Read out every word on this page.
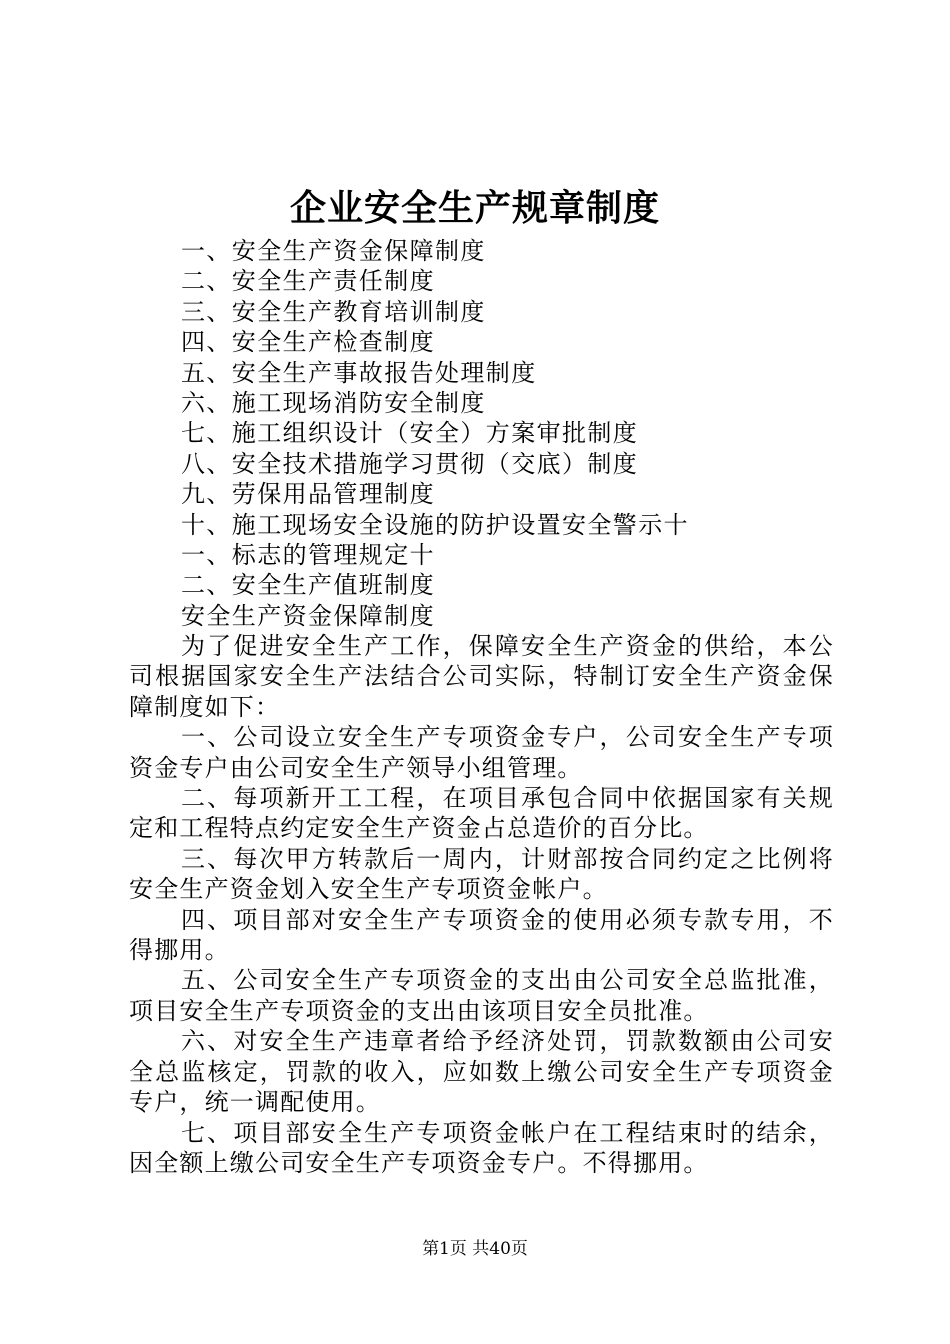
企业安全生产规章制度
一、安全生产资金保障制度
二、安全生产责任制度
三、安全生产教育培训制度
四、安全生产检查制度
五、安全生产事故报告处理制度
六、施工现场消防安全制度
七、施工组织设计（安全）方案审批制度
八、安全技术措施学习贯彻（交底）制度
九、劳保用品管理制度
十、施工现场安全设施的防护设置安全警示十
一、标志的管理规定十
二、安全生产值班制度
安全生产资金保障制度

为了促进安全生产工作，保障安全生产资金的供给，本公司根据国家安全生产法结合公司实际，特制订安全生产资金保障制度如下：

一、公司设立安全生产专项资金专户，公司安全生产专项资金专户由公司安全生产领导小组管理。

二、每项新开工工程，在项目承包合同中依据国家有关规定和工程特点约定安全生产资金占总造价的百分比。

三、每次甲方转款后一周内，计财部按合同约定之比例将安全生产资金划入安全生产专项资金帐户。

四、项目部对安全生产专项资金的使用必须专款专用，不得挪用。

五、公司安全生产专项资金的支出由公司安全总监批准，项目安全生产专项资金的支出由该项目安全员批准。

六、对安全生产违章者给予经济处罚，罚款数额由公司安全总监核定，罚款的收入，应如数上缴公司安全生产专项资金专户，统一调配使用。

七、项目部安全生产专项资金帐户在工程结束时的结余，因全额上缴公司安全生产专项资金专户。不得挪用。

第1页 共40页
